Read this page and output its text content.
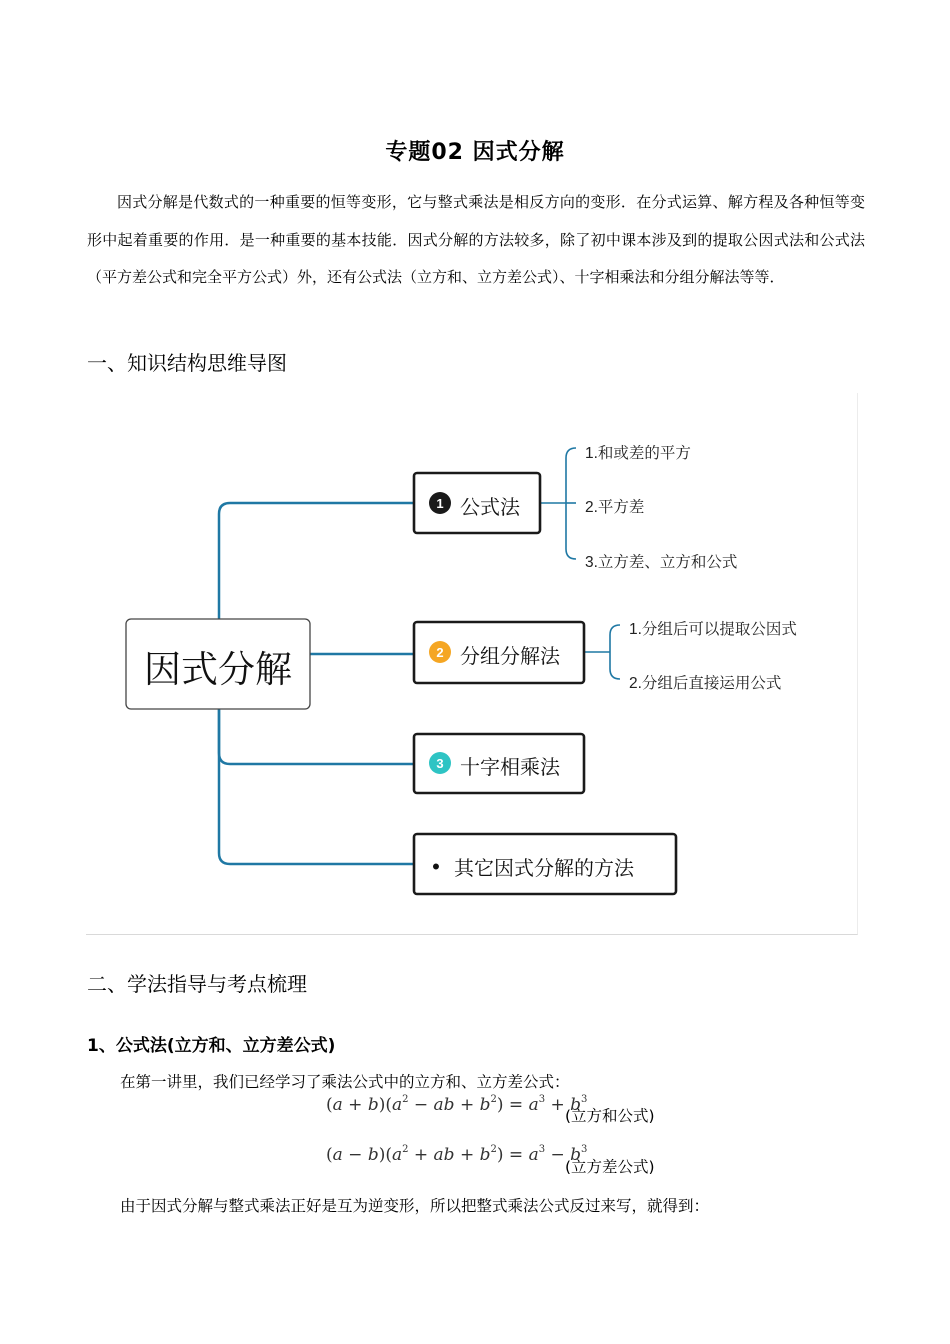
专题02 因式分解

因式分解是代数式的一种重要的恒等变形，它与整式乘法是相反方向的变形．在分式运算、解方程及各种恒等变形中起着重要的作用．是一种重要的基本技能．因式分解的方法较多，除了初中课本涉及到的提取公因式法和公式法（平方差公式和完全平方公式）外，还有公式法（立方和、立方差公式）、十字相乘法和分组分解法等等．

一、知识结构思维导图
因式分解
1 公式法
2 分组分解法
3 十字相乘法
• 其它因式分解的方法
1.和或差的平方
2.平方差
3.立方差、立方和公式
1.分组后可以提取公因式
2.分组后直接运用公式
二、学法指导与考点梳理
1、公式法(立方和、立方差公式)
在第一讲里，我们已经学习了乘法公式中的立方和、立方差公式：
$(a + b)(a^2$ − ab + $b^2) = a^3 + b^3$
(立方和公式)
$(a - b)(a^2$ + ab + $b^2) = a^3 - b^3$
(立方差公式)
由于因式分解与整式乘法正好是互为逆变形，所以把整式乘法公式反过来写，就得到：
